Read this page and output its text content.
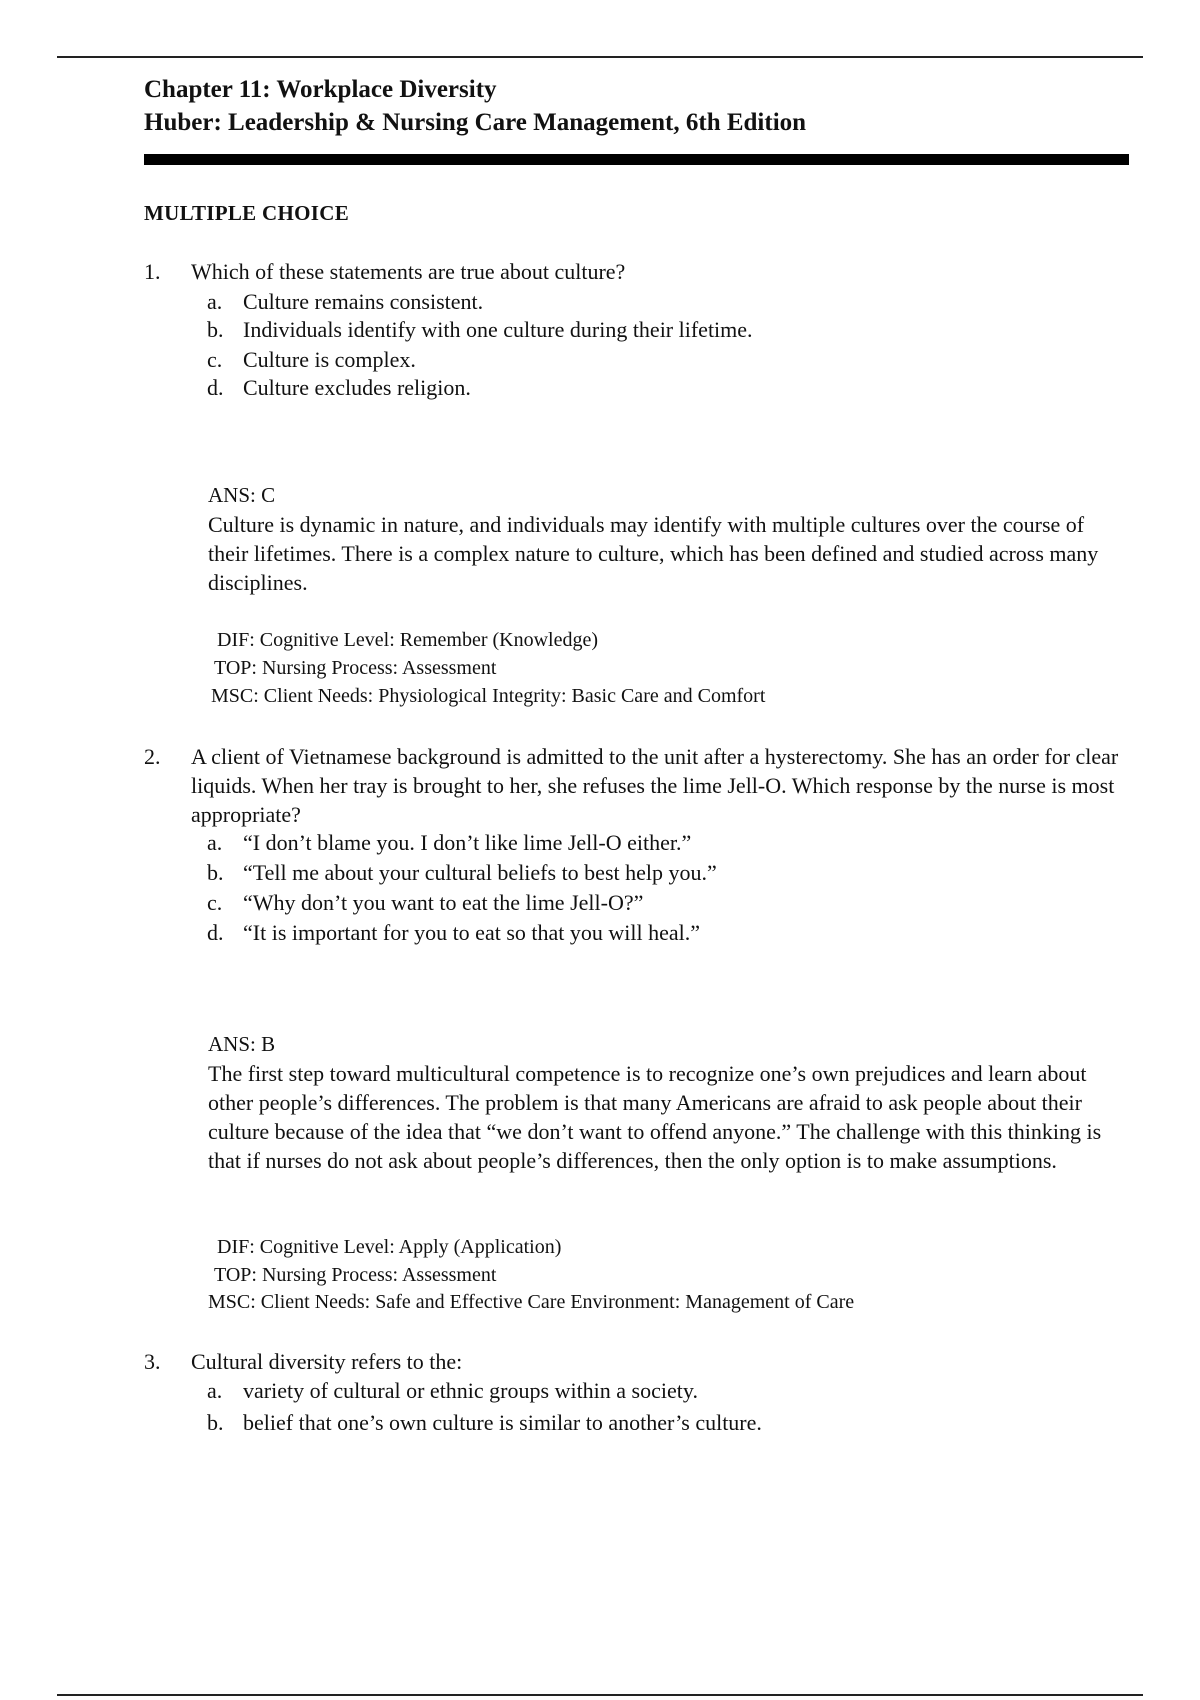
Chapter 11: Workplace Diversity
Huber: Leadership & Nursing Care Management, 6th Edition
MULTIPLE CHOICE
1. Which of these statements are true about culture?
a. Culture remains consistent.
b. Individuals identify with one culture during their lifetime.
c. Culture is complex.
d. Culture excludes religion.
ANS: C
Culture is dynamic in nature, and individuals may identify with multiple cultures over the course of their lifetimes. There is a complex nature to culture, which has been defined and studied across many disciplines.
DIF: Cognitive Level: Remember (Knowledge)
TOP: Nursing Process: Assessment
MSC: Client Needs: Physiological Integrity: Basic Care and Comfort
2. A client of Vietnamese background is admitted to the unit after a hysterectomy. She has an order for clear liquids. When her tray is brought to her, she refuses the lime Jell-O. Which response by the nurse is most appropriate?
a. “I don’t blame you. I don’t like lime Jell-O either.”
b. “Tell me about your cultural beliefs to best help you.”
c. “Why don’t you want to eat the lime Jell-O?”
d. “It is important for you to eat so that you will heal.”
ANS: B
The first step toward multicultural competence is to recognize one’s own prejudices and learn about other people’s differences. The problem is that many Americans are afraid to ask people about their culture because of the idea that “we don’t want to offend anyone.” The challenge with this thinking is that if nurses do not ask about people’s differences, then the only option is to make assumptions.
DIF: Cognitive Level: Apply (Application)
TOP: Nursing Process: Assessment
MSC: Client Needs: Safe and Effective Care Environment: Management of Care
3. Cultural diversity refers to the:
a. variety of cultural or ethnic groups within a society.
b. belief that one’s own culture is similar to another’s culture.
